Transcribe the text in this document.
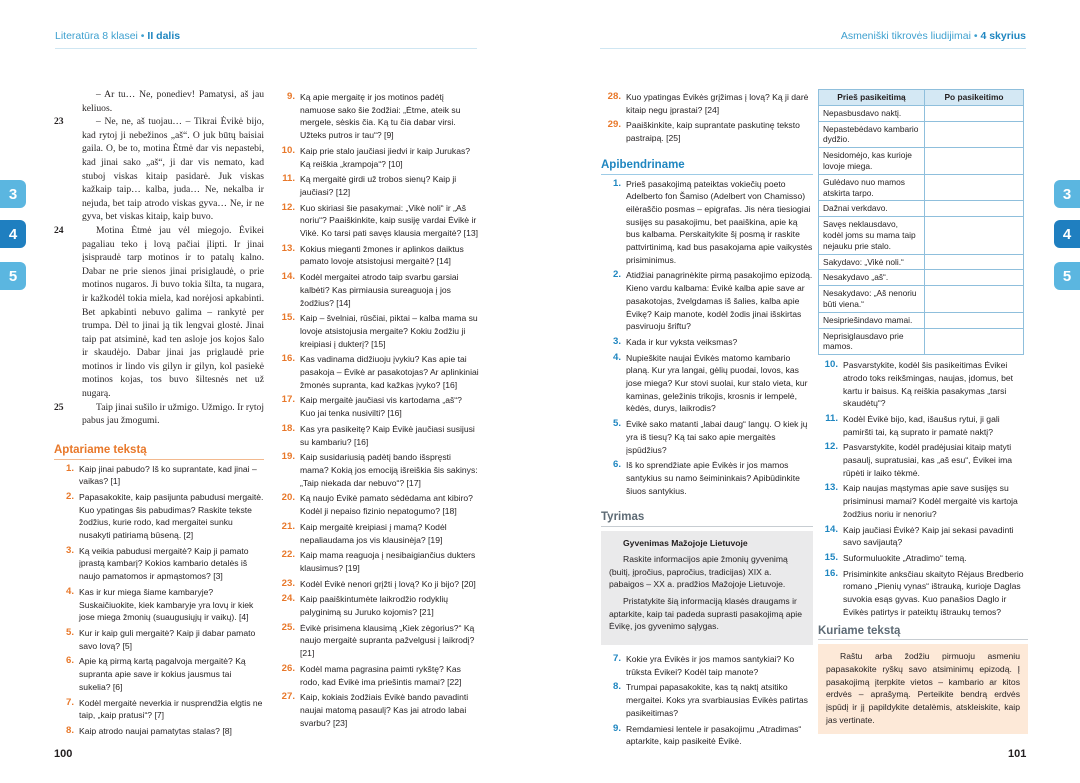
Literatūra 8 klasei • II dalis	Asmeniški tikrovės liudijimai • 4 skyrius
3
4
5
3
4
5
– Ar tu… Ne, ponediev! Pamatysi, aš jau keliuos.
23	– Ne, ne, aš tuojau… – Tikrai Ėvikė bijo, kad rytoj ji nebežinos „aš“. O juk būtų baisiai gaila. O, be to, motina Ėtmė dar vis nepastebi, kad jinai sako „aš“, ji dar vis nemato, kad stuboj viskas kitaip pasidarė. Juk viskas kažkaip taip… kalba, juda… Ne, nekalba ir nejuda, bet taip atrodo viskas gyva… Ne, ir ne gyva, bet viskas kitaip, kaip buvo.
24	Motina Ėtmė jau vėl miegojo. Ėvikei pagaliau teko į lovą pačiai įlipti. Ir jinai įsispraudė tarp motinos ir to patalų kalno. Dabar ne prie sienos jinai prisiglaudė, o prie motinos nugaros. Ji buvo tokia šilta, ta nugara, ir kažkodėl tokia miela, kad norėjosi apkabinti. Bet apkabinti nebuvo galima – rankytė per trumpa. Dėl to jinai ją tik lengvai glostė. Jinai taip pat atsiminė, kad ten asloje jos kojos šalo ir skaudėjo. Dabar jinai jas priglaudė prie motinos ir lindo vis gilyn ir gilyn, kol pasiekė motinos kojas, tos buvo šiltesnės net už nugarą.
25	Taip jinai sušilo ir užmigo. Užmigo. Ir rytoj pabus jau žmogumi.
Aptariame tekstą
1. Kaip jinai pabudo? Iš ko suprantate, kad jinai – vaikas? [1]
2. Papasakokite, kaip pasijunta pabudusi mergaitė. Kuo ypatingas šis pabudimas? Raskite tekste žodžius, kurie rodo, kad mergaitei sunku nusakyti patiriamą būseną. [2]
3. Ką veikia pabudusi mergaitė? Kaip ji pamato įprastą kambarį? Kokios kambario detalės iš naujo pamatomos ir apmąstomos? [3]
4. Kas ir kur miega šiame kambaryje? Suskaičiuokite, kiek kambaryje yra lovų ir kiek jose miega žmonių (suaugusiųjų ir vaikų). [4]
5. Kur ir kaip guli mergaitė? Kaip ji dabar pamato savo lovą? [5]
6. Apie ką pirmą kartą pagalvoja mergaitė? Ką supranta apie save ir kokius jausmus tai sukelia? [6]
7. Kodėl mergaitė neverkia ir nusprendžia elgtis ne taip, „kaip pratusi“? [7]
8. Kaip atrodo naujai pamatytas stalas? [8]
9. Ką apie mergaitę ir jos motinos padėtį namuose sako šie žodžiai: „Ėtme, ateik su mergele, sėskis čia. Ką tu čia dabar virsi. Užteks putros ir tau“? [9]
10. Kaip prie stalo jaučiasi jiedvi ir kaip Jurukas? Ką reiškia „krampoja“? [10]
11. Ką mergaitė girdi už trobos sienų? Kaip ji jaučiasi? [12]
12. Kuo skiriasi šie pasakymai: „Vikė noli“ ir „Aš noriu“? Paaiškinkite, kaip susiję vardai Ėvikė ir Vikė. Ko tarsi pati savęs klausia mergaitė? [13]
13. Kokius mieganti žmones ir aplinkos daiktus pamato lovoje atsistojusi mergaitė? [14]
14. Kodėl mergaitei atrodo taip svarbu garsiai kalbėti? Kas pirmiausia sureaguoja į jos žodžius? [14]
15. Kaip – švelniai, rūsčiai, piktai – kalba mama su lovoje atsistojusia mergaite? Kokiu žodžiu ji kreipiasi į dukterį? [15]
16. Kas vadinama didžiuoju įvykiu? Kas apie tai pasakoja – Ėvikė ar pasakotojas? Ar aplinkiniai žmonės supranta, kad kažkas įvyko? [16]
17. Kaip mergaitė jaučiasi vis kartodama „aš“? Kuo jai tenka nusivilti? [16]
18. Kas yra pasikeitę? Kaip Ėvikė jaučiasi susijusi su kambariu? [16]
19. Kaip susidariusią padėtį bando išspręsti mama? Kokią jos emociją išreiškia šis sakinys: „Taip niekada dar nebuvo“? [17]
20. Ką naujo Ėvikė pamato sėdėdama ant kibiro? Kodėl ji nepaiso fizinio nepatogumo? [18]
21. Kaip mergaitė kreipiasi į mamą? Kodėl nepaliaudama jos vis klausinėja? [19]
22. Kaip mama reaguoja į nesibaigiančius dukters klausimus? [19]
23. Kodėl Ėvikė nenori grįžti į lovą? Ko ji bijo? [20]
24. Kaip paaiškintumėte laikrodžio rodyklių palyginimą su Juruko kojomis? [21]
25. Ėvikė prisimena klausimą „Kiek zėgorius?“ Ką naujo mergaitė supranta pažvelgusi į laikrodį? [21]
26. Kodėl mama pagrasina paimti rykštę? Kas rodo, kad Ėvikė ima priešintis mamai? [22]
27. Kaip, kokiais žodžiais Ėvikė bando pavadinti naujai matomą pasaulį? Kas jai atrodo labai svarbu? [23]
28. Kuo ypatingas Ėvikės grįžimas į lovą? Ką ji darė kitaip negu įprastai? [24]
29. Paaiškinkite, kaip suprantate paskutinę teksto pastraipą. [25]
Apibendriname
1. Prieš pasakojimą pateiktas vokiečių poeto Adelberto fon Šamiso (Adelbert von Chamisso) eilėraščio posmas – epigrafas. Jis nėra tiesiogiai susijęs su pasakojimu, bet paaiškina, apie ką bus kalbama. Perskaitykite šį posmą ir raskite pattvirtinimą, kad bus pasakojama apie vaikystės prisiminimus.
2. Atidžiai panagrinėkite pirmą pasakojimo epizodą. Kieno vardu kalbama: Ėvikė kalba apie save ar pasakotojas, žvelgdamas iš šalies, kalba apie Ėvikę? Kaip manote, kodėl žodis jinai išskirtas pasviruoju šriftu?
3. Kada ir kur vyksta veiksmas?
4. Nupieškite naujai Ėvikės matomo kambario planą. Kur yra langai, gėlių puodai, lovos, kas jose miega? Kur stovi suolai, kur stalo vieta, kur kaminas, geležinis trikojis, krosnis ir lempelė, kėdės, durys, laikrodis?
5. Ėvikė sako matanti „labai daug“ langų. O kiek jų yra iš tiesų? Ką tai sako apie mergaitės įspūdžius?
6. Iš ko sprendžiate apie Ėvikės ir jos mamos santykius su namo šeimininkais? Apibūdinkite šiuos santykius.
Tyrimas
Gyvenimas Mažojoje Lietuvoje

Raskite informacijos apie žmonių gyvenimą (buitį, įpročius, papročius, tradicijas) XIX a. pabaigos – XX a. pradžios Mažojoje Lietuvoje.

Pristatykite šią informaciją klasės draugams ir aptarkite, kaip tai padeda suprasti pasakojimą apie Ėvikę, jos gyvenimo sąlygas.

7. Kokie yra Ėvikės ir jos mamos santykiai? Ko trūksta Ėvikei? Kodėl taip manote?
8. Trumpai papasakokite, kas tą naktį atsitiko mergaitei. Koks yra svarbiausias Ėvikės patirtas pasikeitimas?
9. Remdamiesi lentele ir pasakojimu „Atradimas“ aptarkite, kaip pasikeitė Ėvikė.
Prieš pasikeitimą	Po pasikeitimo
Nepasbusdavo naktį.	
Nepastebėdavo kambario dydžio.	
Nesidomėjo, kas kurioje lovoje miega.	
Gulėdavo nuo mamos atskirta tarpo.	
Dažnai verkdavo.	
Savęs neklausdavo, kodėl joms su mama taip nejauku prie stalo.	
Sakydavo: „Vikė noli.“	
Nesakydavo „aš“.	
Nesakydavo: „Aš nenoriu būti viena.“	
Nesipriešindavo mamai.	
Neprisiglausdavo prie mamos.	
10. Pasvarstykite, kodėl šis pasikeitimas Ėvikei atrodo toks reikšmingas, naujas, įdomus, bet kartu ir baisus. Ką reiškia pasakymas „tarsi skaudėtų“?
11. Kodėl Ėvikė bijo, kad, išaušus rytui, ji gali pamiršti tai, ką suprato ir pamatė naktį?
12. Pasvarstykite, kodėl pradėjusiai kitaip matyti pasaulį, supratusiai, kas „aš esu“, Ėvikei ima rūpėti ir laiko tėkmė.
13. Kaip naujas mąstymas apie save susijęs su prisiminusi mamai? Kodėl mergaitė vis kartoja žodžius noriu ir nenoriu?
14. Kaip jaučiasi Ėvikė? Kaip jai sekasi pavadinti savo savijautą?
15. Suformuluokite „Atradimo“ temą.
16. Prisiminkite anksčiau skaityto Rėjaus Bredberio romano „Pienių vynas“ ištrauką, kurioje Daglas suvokia esąs gyvas. Kuo panašios Daglo ir Ėvikės patirtys ir pateiktų ištraukų temos?
Kuriame tekstą

Raštu arba žodžiu pirmuoju asmeniu papasakokite ryškų savo atsiminimų epizodą. Į pasakojimą įterpkite vietos – kambario ar kitos erdvės – aprašymą. Perteikite bendrą erdvės įspūdį ir jį papildykite detalėmis, atskleiskite, kaip jas vertinate.

100	101
